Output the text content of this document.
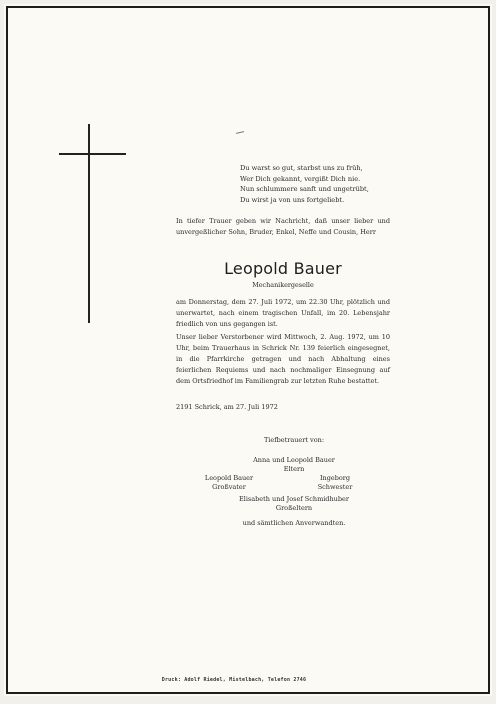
Du warst so gut, starbst uns zu früh,
Wer Dich gekannt, vergißt Dich nie.
Nun schlummere sanft und ungetrübt,
Du wirst ja von uns fortgeliebt.
In tiefer Trauer geben wir Nachricht, daß unser lieber und unvergeßlicher Sohn, Bruder, Enkel, Neffe und Cousin, Herr
Leopold Bauer
Mechanikergeselle
am Donnerstag, dem 27. Juli 1972, um 22.30 Uhr, plötzlich und unerwartet, nach einem tragischen Unfall, im 20. Lebensjahr friedlich von uns gegangen ist.
Unser lieber Verstorbener wird Mittwoch, 2. Aug. 1972, um 10 Uhr, beim Trauerhaus in Schrick Nr. 139 feierlich eingesegnet, in die Pfarrkirche getragen und nach Abhaltung eines feierlichen Requiems und nach nochmaliger Einsegnung auf dem Ortsfriedhof im Familiengrab zur letzten Ruhe bestattet.
2191 Schrick, am 27. Juli 1972
Tiefbetrauert von:
Anna und Leopold Bauer
Eltern
Leopold Bauer
Großvater
Ingeborg
Schwester
Elisabeth und Josef Schmidhuber
Großeltern
und sämtlichen Anverwandten.
Druck: Adolf Riedel, Mistelbach, Telefon 2746
